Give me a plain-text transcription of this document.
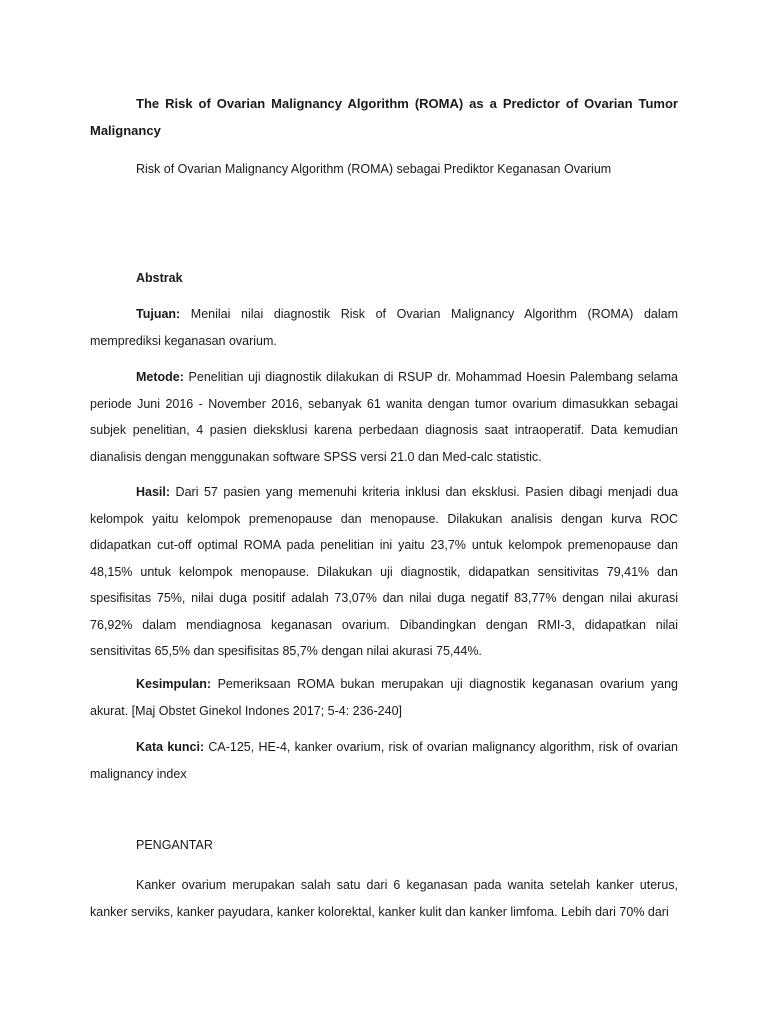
The Risk of Ovarian Malignancy Algorithm (ROMA) as a Predictor of Ovarian Tumor Malignancy
Risk of Ovarian Malignancy Algorithm (ROMA) sebagai Prediktor Keganasan Ovarium
Abstrak
Tujuan: Menilai nilai diagnostik Risk of Ovarian Malignancy Algorithm (ROMA) dalam memprediksi keganasan ovarium.
Metode: Penelitian uji diagnostik dilakukan di RSUP dr. Mohammad Hoesin Palembang selama periode Juni 2016 - November 2016, sebanyak 61 wanita dengan tumor ovarium dimasukkan sebagai subjek penelitian, 4 pasien dieksklusi karena perbedaan diagnosis saat intraoperatif. Data kemudian dianalisis dengan menggunakan software SPSS versi 21.0 dan Med-calc statistic.
Hasil: Dari 57 pasien yang memenuhi kriteria inklusi dan eksklusi. Pasien dibagi menjadi dua kelompok yaitu kelompok premenopause dan menopause. Dilakukan analisis dengan kurva ROC didapatkan cut-off optimal ROMA pada penelitian ini yaitu 23,7% untuk kelompok premenopause dan 48,15% untuk kelompok menopause. Dilakukan uji diagnostik, didapatkan sensitivitas 79,41% dan spesifisitas 75%, nilai duga positif adalah 73,07% dan nilai duga negatif 83,77% dengan nilai akurasi 76,92% dalam mendiagnosa keganasan ovarium. Dibandingkan dengan RMI-3, didapatkan nilai sensitivitas 65,5% dan spesifisitas 85,7% dengan nilai akurasi 75,44%.
Kesimpulan: Pemeriksaan ROMA bukan merupakan uji diagnostik keganasan ovarium yang akurat. [Maj Obstet Ginekol Indones 2017; 5-4: 236-240]
Kata kunci: CA-125, HE-4, kanker ovarium, risk of ovarian malignancy algorithm, risk of ovarian malignancy index
PENGANTAR
Kanker ovarium merupakan salah satu dari 6 keganasan pada wanita setelah kanker uterus, kanker serviks, kanker payudara, kanker kolorektal, kanker kulit dan kanker limfoma. Lebih dari 70% dari
